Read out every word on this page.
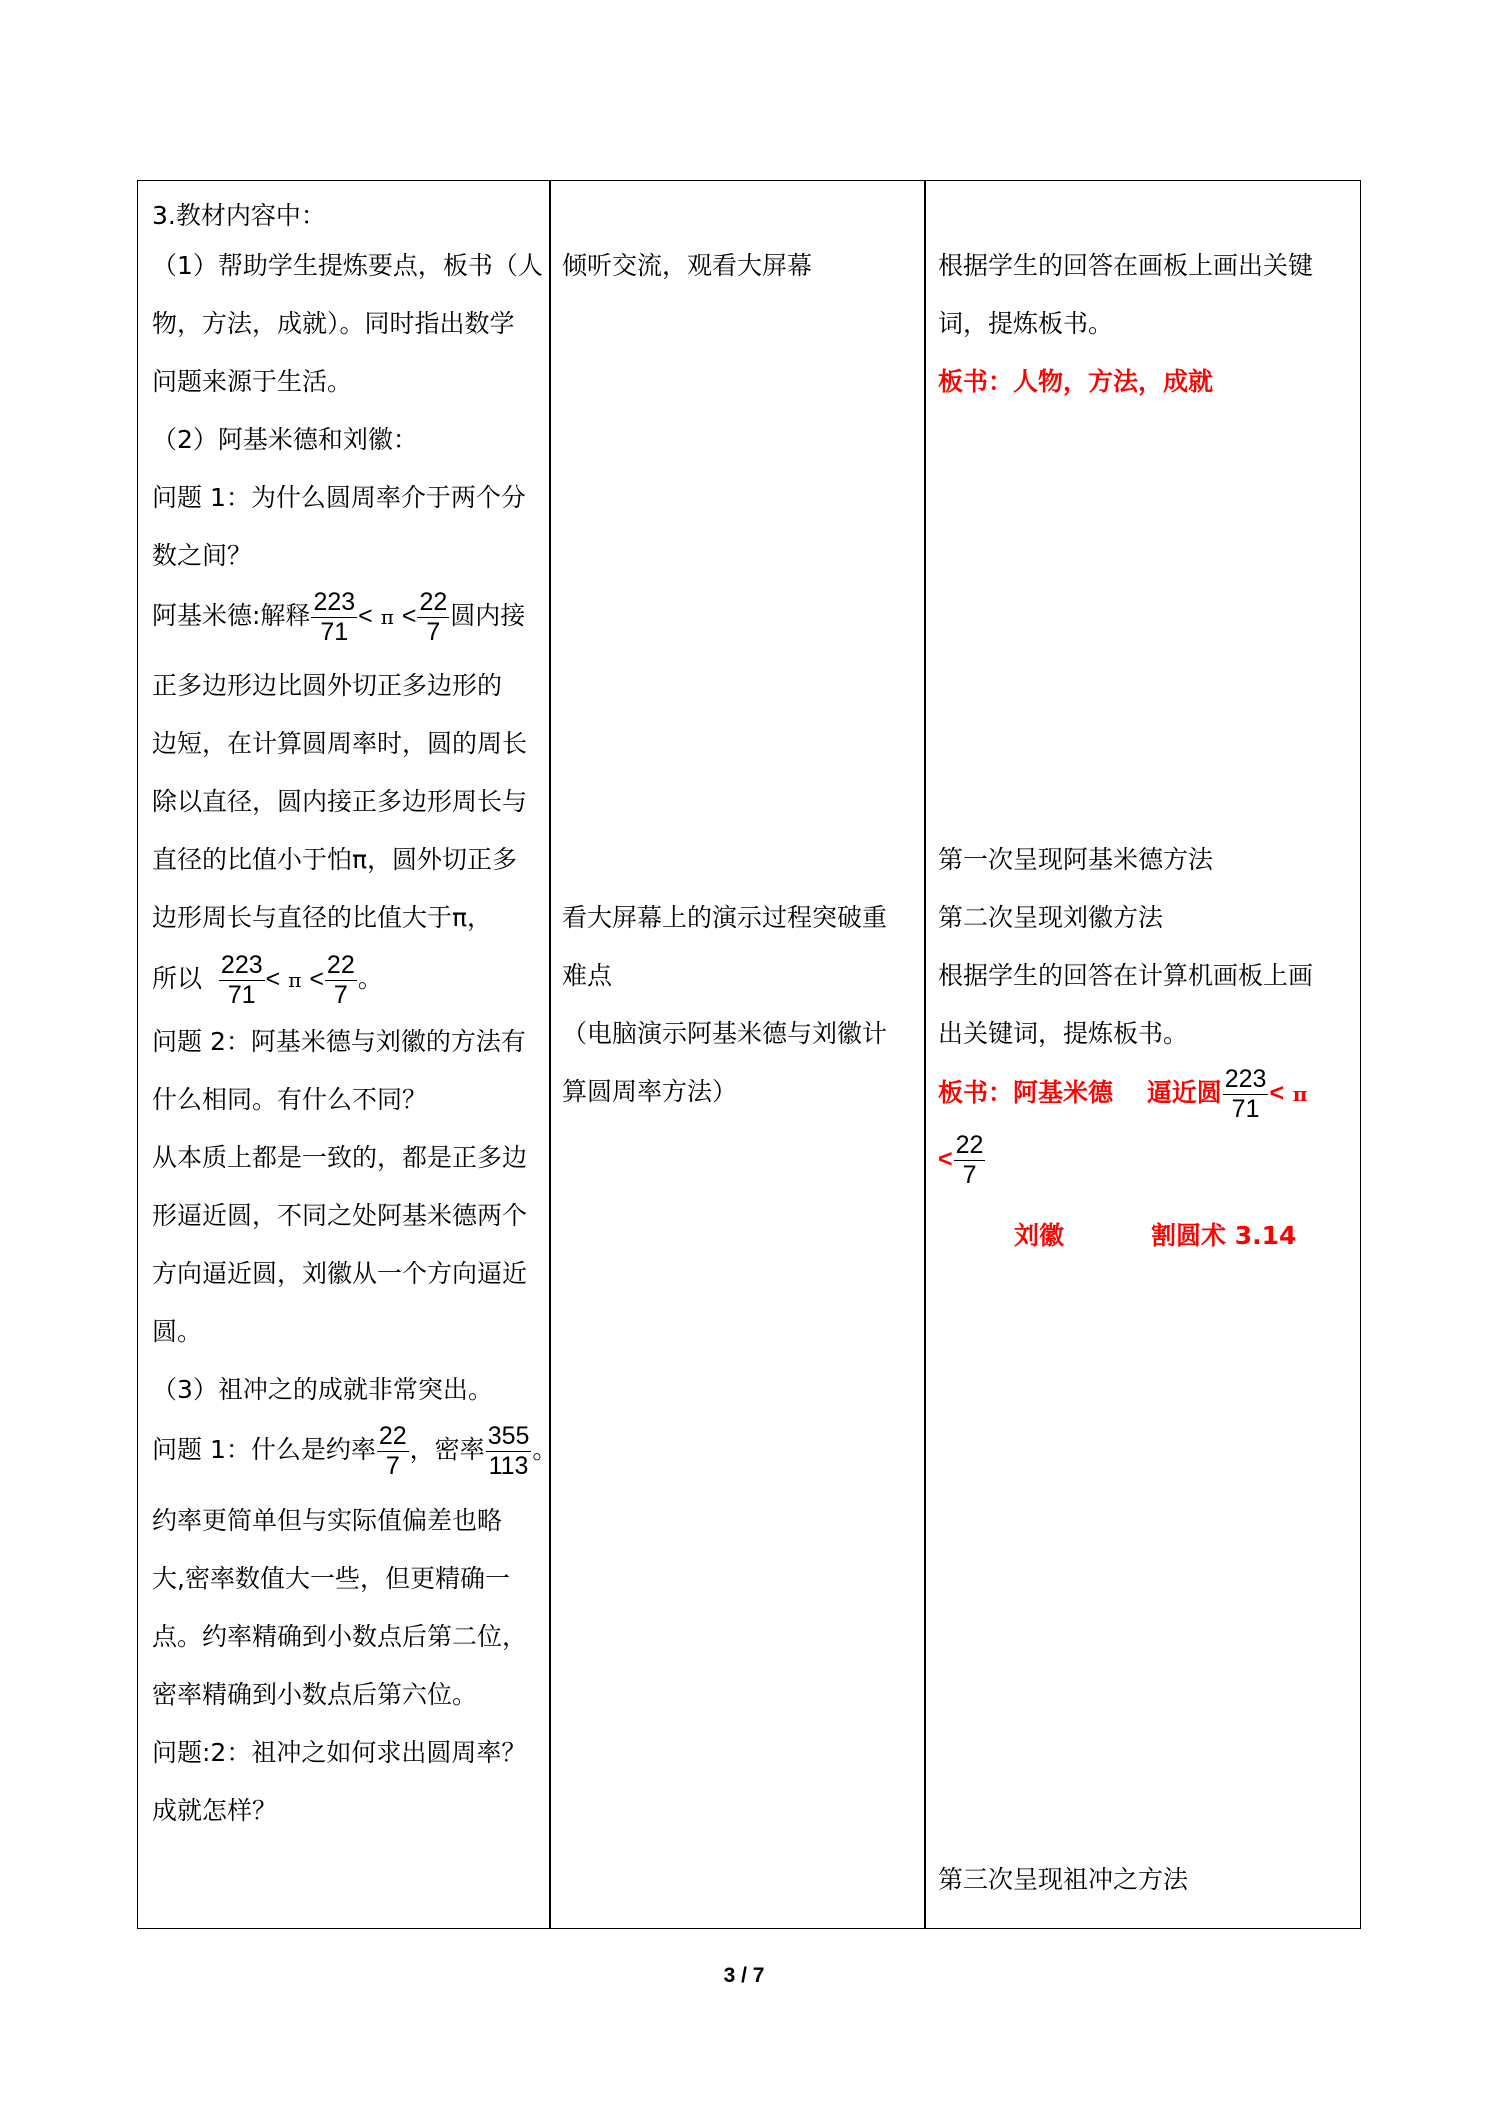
3.教材内容中：
（1）帮助学生提炼要点，板书（人
物，方法，成就）。同时指出数学
问题来源于生活。
（2）阿基米德和刘徽：
问题 1：为什么圆周率介于两个分
数之间？
阿基米德:解释 $\frac{223}{71} < \pi < \frac{22}{7}$ 圆内接
正多边形边比圆外切正多边形的
边短，在计算圆周率时，圆的周长
除以直径，圆内接正多边形周长与
直径的比值小于怕π，圆外切正多
边形周长与直径的比值大于π，
所以 $\frac{223}{71} < \pi < \frac{22}{7}$ 。
问题 2：阿基米德与刘徽的方法有
什么相同。有什么不同？
从本质上都是一致的，都是正多边
形逼近圆，不同之处阿基米德两个
方向逼近圆，刘徽从一个方向逼近
圆。
（3）祖冲之的成就非常突出。
问题 1：什么是约率 $\frac{22}{7}$ ，密率 $\frac{355}{113}$ 。
约率更简单但与实际值偏差也略
大,密率数值大一些，但更精确一
点。约率精确到小数点后第二位，
密率精确到小数点后第六位。
问题:2：祖冲之如何求出圆周率？
成就怎样？
倾听交流，观看大屏幕
看大屏幕上的演示过程突破重
难点
（电脑演示阿基米德与刘徽计
算圆周率方法）
根据学生的回答在画板上画出关键
词，提炼板书。
板书：人物，方法，成就
第一次呈现阿基米德方法
第二次呈现刘徽方法
根据学生的回答在计算机画板上画
出关键词，提炼板书。
板书：阿基米德　 逼近圆 $\frac{223}{71} < \pi$
< $\frac{22}{7}$
刘徽	割圆术 3.14
第三次呈现祖冲之方法
3 / 7
